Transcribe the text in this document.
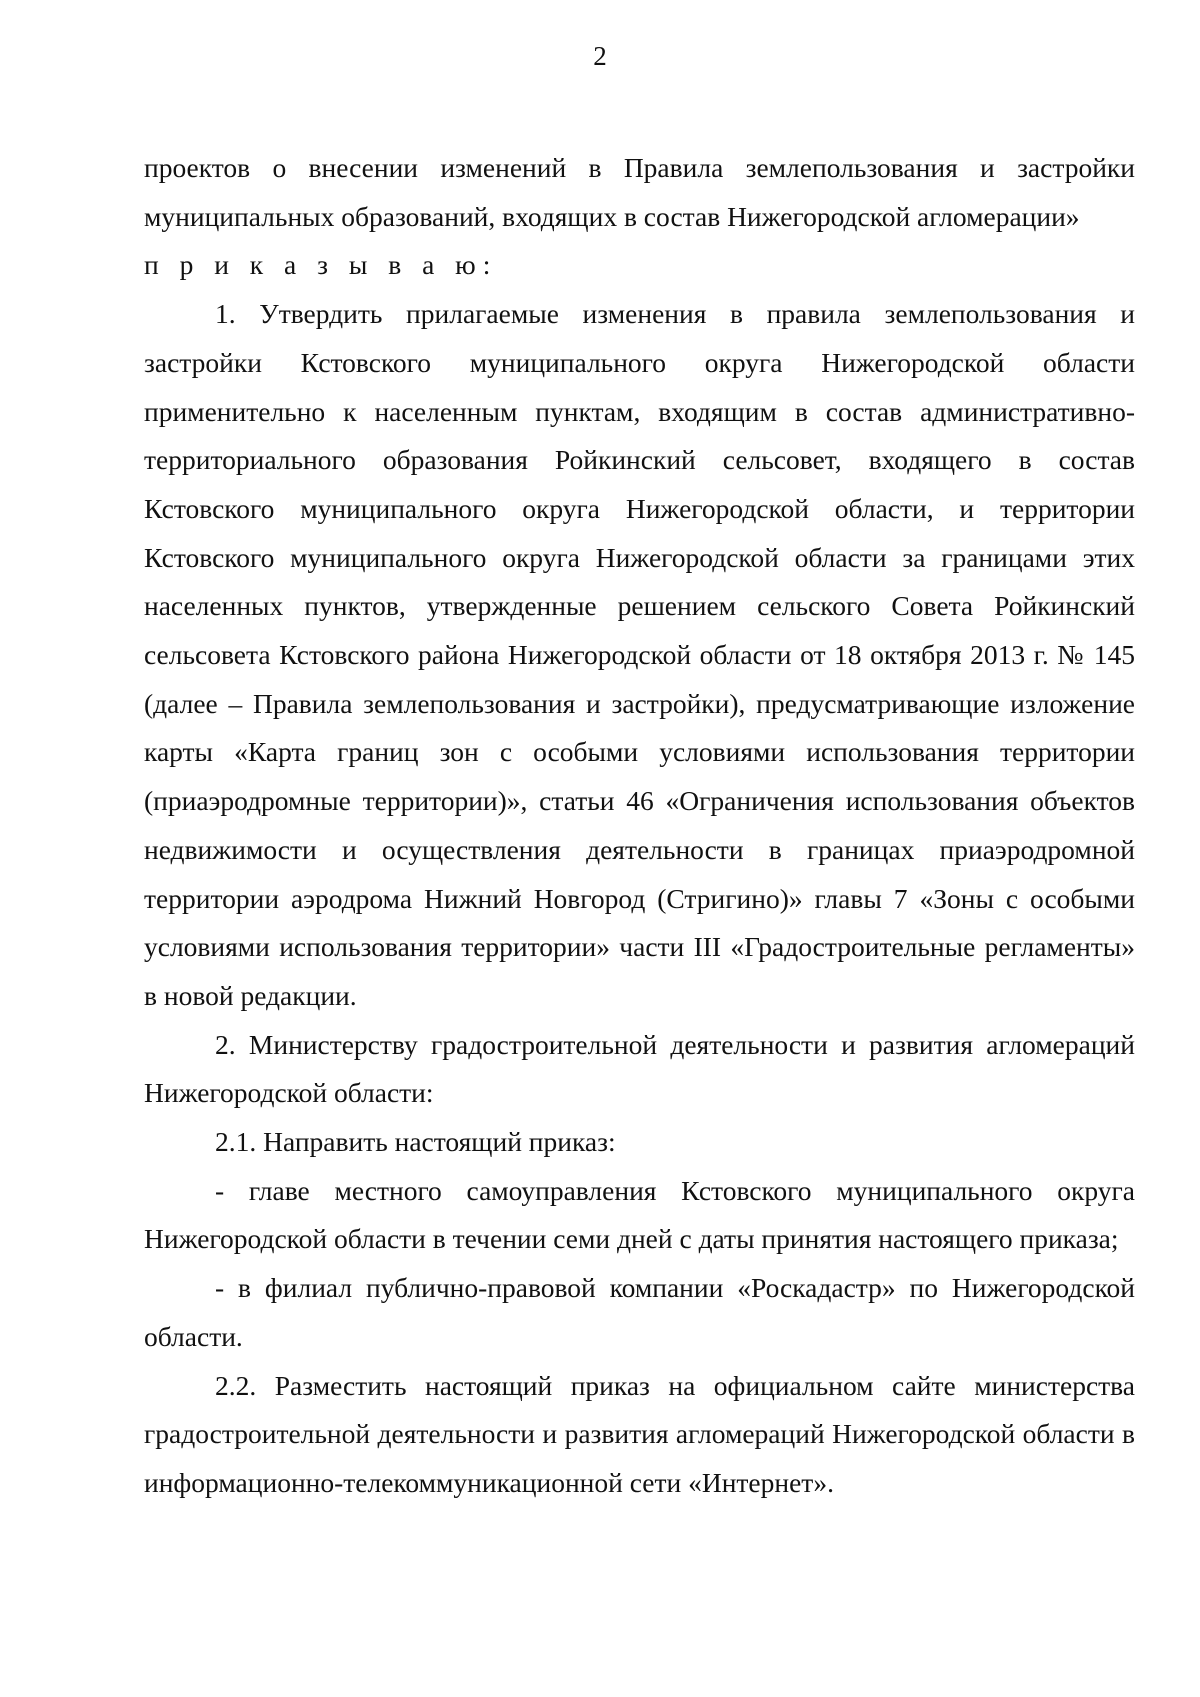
2

проектов о внесении изменений в Правила землепользования и застройки муниципальных образований, входящих в состав Нижегородской агломерации»

п р и к а з ы в а ю:

1. Утвердить прилагаемые изменения в правила землепользования и застройки Кстовского муниципального округа Нижегородской области применительно к населенным пунктам, входящим в состав административно-территориального образования Ройкинский сельсовет, входящего в состав Кстовского муниципального округа Нижегородской области, и территории Кстовского муниципального округа Нижегородской области за границами этих населенных пунктов, утвержденные решением сельского Совета Ройкинский сельсовета Кстовского района Нижегородской области от 18 октября 2013 г. № 145 (далее – Правила землепользования и застройки), предусматривающие изложение карты «Карта границ зон с особыми условиями использования территории (приаэродромные территории)», статьи 46 «Ограничения использования объектов недвижимости и осуществления деятельности в границах приаэродромной территории аэродрома Нижний Новгород (Стригино)» главы 7 «Зоны с особыми условиями использования территории» части III «Градостроительные регламенты» в новой редакции.

2. Министерству градостроительной деятельности и развития агломераций Нижегородской области:

2.1. Направить настоящий приказ:

- главе местного самоуправления Кстовского муниципального округа Нижегородской области в течении семи дней с даты принятия настоящего приказа;

- в филиал публично-правовой компании «Роскадастр» по Нижегородской области.

2.2. Разместить настоящий приказ на официальном сайте министерства градостроительной деятельности и развития агломераций Нижегородской области в информационно-телекоммуникационной сети «Интернет».
